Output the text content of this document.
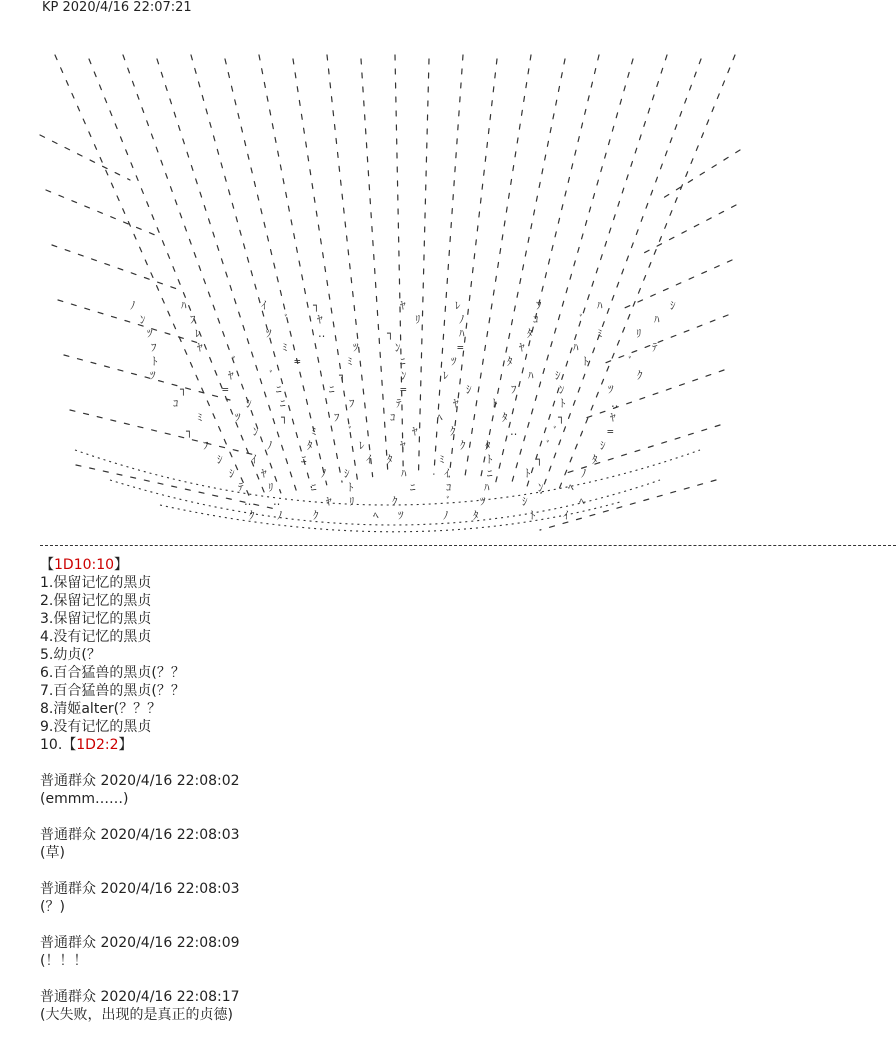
KP 2020/4/16 22:07:21
ﾉ	ﾊ	ｲ	┐	ﾔ	ﾚ	ﾌ	ﾊ	ｼ
ﾝ	ﾌ	ﾞ	ﾔ	ﾘ	ﾉ	ｺ	ﾞ	ﾊ
ﾂ	ﾚ	ﾂ	‥	┐	ﾊ	ﾀ	ﾐ	ﾘ
ﾌ	ﾔ	ﾐ	ﾂ	ﾝ	=	ﾔ	ﾊ	ﾃ
ﾄ	ﾞ	=	ﾐ	ﾆ	ﾂ	ﾀ	ﾄ	ﾞ
ﾂ	ﾔ	ﾞ	┐	ﾝ	ﾚ	ﾊ ｼ	ｸ
┐	=	ﾆ	ﾆ	=	ｼ	ﾌ	ﾝ	ﾂ
ｺ	ｼ	ﾆ	ﾌ	ﾃ	ﾔ	ﾄ	ﾄ	‥
ﾐ	ﾂ	┐	ﾌ	ｺ	ﾍ	ﾀ	┐	ﾔ
┐	ﾝ	ﾐ	ﾞ	ﾔ	ｸ	‥	ﾞ	=
ﾌ	ﾉ	ﾀ	ﾚ	ﾔ	ｸ ﾀ	ﾞ	ｼ
ｼ	ｲ	ﾆ	ｲ ﾀ	ﾐ	ﾄ	┐	ﾀ
ｼ ﾔ	ﾉ ｼ	ﾊ	ｲ	ﾆ	ﾄ	ﾉ
ﾃ ﾘ	ﾆ	ﾄ	ﾆ	ｺ	ﾊ	ﾝ ﾍ
‥ ‥	ﾔ ﾘ	ｸ	ﾞ	ﾂ	ｼ	ﾍ
ｸ ﾉ	ｸ	ﾍ ﾂ	ﾉ ﾀ	ﾄ	ｲ
【1D10:10】
1.保留记忆的黑贞
2.保留记忆的黑贞
3.保留记忆的黑贞
4.没有记忆的黑贞
5.幼贞(？
6.百合猛兽的黑贞(？？
7.百合猛兽的黑贞(？？
8.清姬alter(？？？
9.没有记忆的黑贞
10.【1D2:2】
普通群众 2020/4/16 22:08:02
(emmm……)
普通群众 2020/4/16 22:08:03
(草)
普通群众 2020/4/16 22:08:03
(？)
普通群众 2020/4/16 22:08:09
(！！！
普通群众 2020/4/16 22:08:17
(大失败，出现的是真正的贞德)
